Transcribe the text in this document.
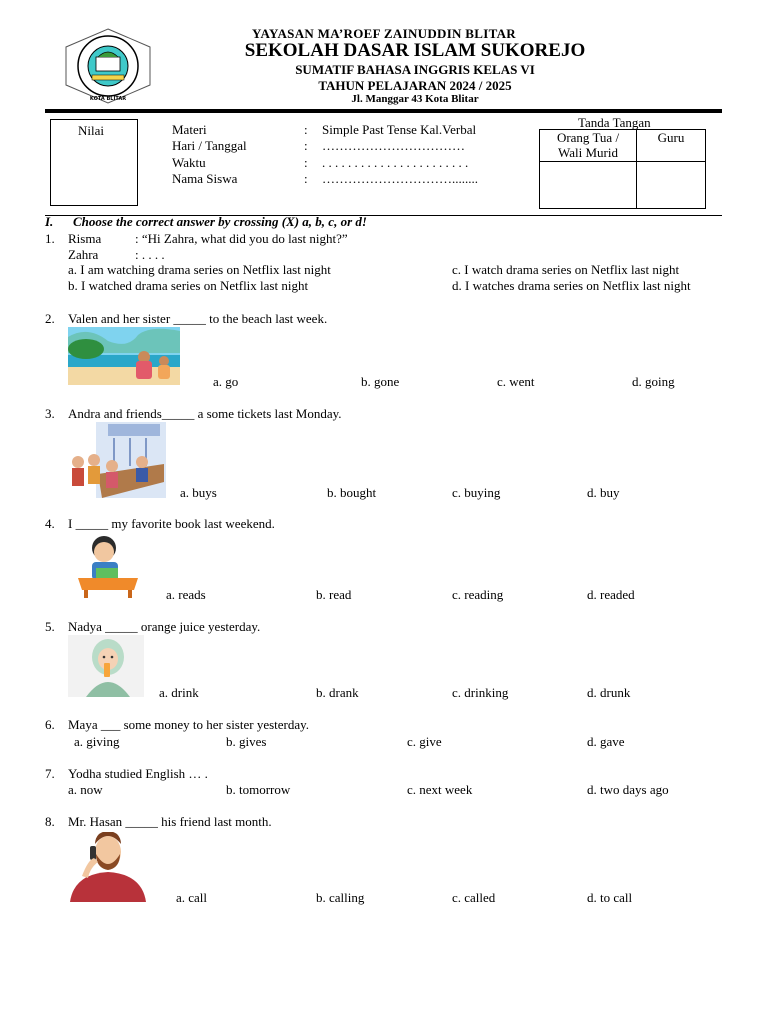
KOTA BLITAR
YAYASAN MA’ROEF ZAINUDDIN BLITAR
SEKOLAH DASAR ISLAM SUKOREJO
SUMATIF BAHASA INGGRIS KELAS VI
TAHUN PELAJARAN 2024 / 2025
Jl. Manggar 43 Kota Blitar
Nilai	Materi	: Simple Past Tense Kal.Verbal
Hari / Tanggal	: ……………………………
Waktu	: . . . . . . . . . . . . . . . . . . . . . . .
Nama Siswa	: …………………………........
Tanda Tangan
Orang Tua /
Wali Murid	Guru

I. Choose the correct answer by crossing (X) a, b, c, or d!
1. Risma	: “Hi Zahra, what did you do last night?”
Zahra	: . . . .
a. I am watching drama series on Netflix last night	c. I watch drama series on Netflix last night
b. I watched drama series on Netflix last night	d. I watches drama series on Netflix last night
2. Valen and her sister _____ to the beach last week.
a. go	b. gone	c. went	d. going
3. Andra and friends_____ a some tickets last Monday.
a. buys	b. bought	c. buying	d. buy
4. I _____ my favorite book last weekend.
a. reads	b. read	c. reading	d. readed
5. Nadya _____ orange juice yesterday.
a. drink	b. drank	c. drinking	d. drunk
6. Maya ___ some money to her sister yesterday.
a. giving	b. gives	c. give	d. gave
7. Yodha studied English … .
a. now	b. tomorrow	c. next week	d. two days ago
8. Mr. Hasan _____ his friend last month.
a. call	b. calling	c. called	d. to call
